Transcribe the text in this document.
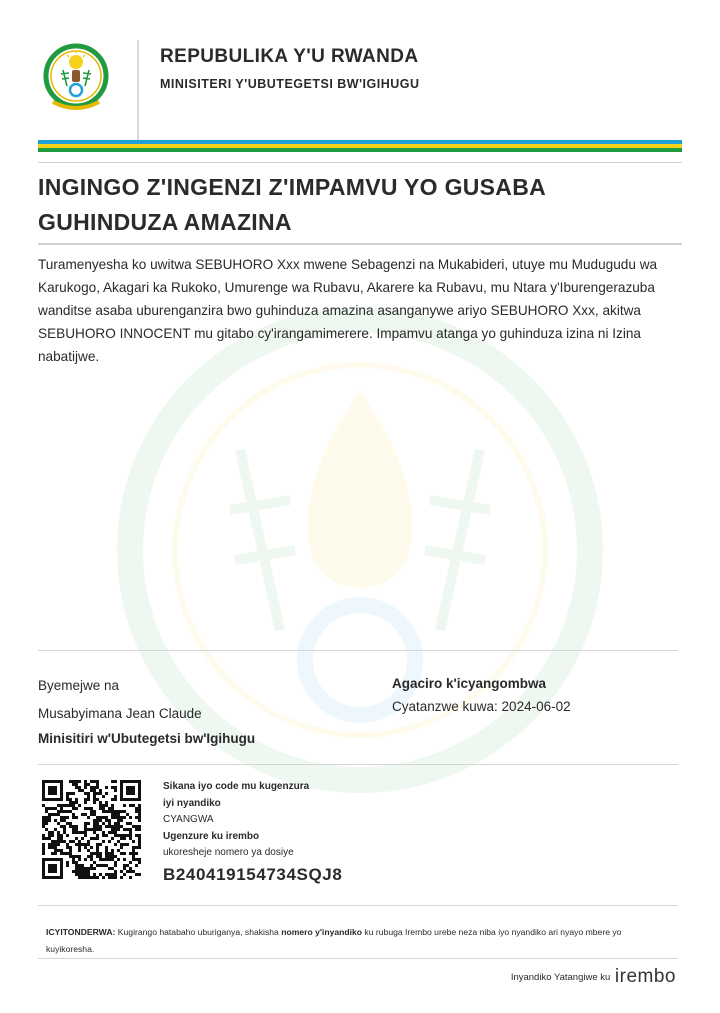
REPUBULIKA Y'U RWANDA
MINISITERI Y'UBUTEGETSI BW'IGIHUGU
INGINGO Z'INGENZI Z'IMPAMVU YO GUSABA
GUHINDUZA AMAZINA

Turamenyesha ko uwitwa SEBUHORO Xxx mwene Sebagenzi na Mukabideri, utuye mu Mudugudu wa Karukogo, Akagari ka Rukoko, Umurenge wa Rubavu, Akarere ka Rubavu, mu Ntara y'Iburengerazuba wanditse asaba uburenganzira bwo guhinduza amazina asanganywe ariyo SEBUHORO Xxx, akitwa SEBUHORO INNOCENT mu gitabo cy'irangamimerere. Impamvu atanga yo guhinduza izina ni Izina nabatijwe.

Byemejwe na
Musabyimana Jean Claude
Minisitiri w'Ubutegetsi bw'Igihugu
Agaciro k'icyangombwa
Cyatanzwe kuwa: 2024-06-02
Sikana iyo code mu kugenzura
iyi nyandiko
CYANGWA
Ugenzure ku irembo
ukoresheje nomero ya dosiye
B240419154734SQJ8

ICYITONDERWA: Kugirango hatabaho uburiganya, shakisha nomero y'inyandiko ku rubuga Irembo urebe neza niba iyo nyandiko ari nyayo mbere yo kuyikoresha.

Inyandiko Yatangiwe ku irembo
